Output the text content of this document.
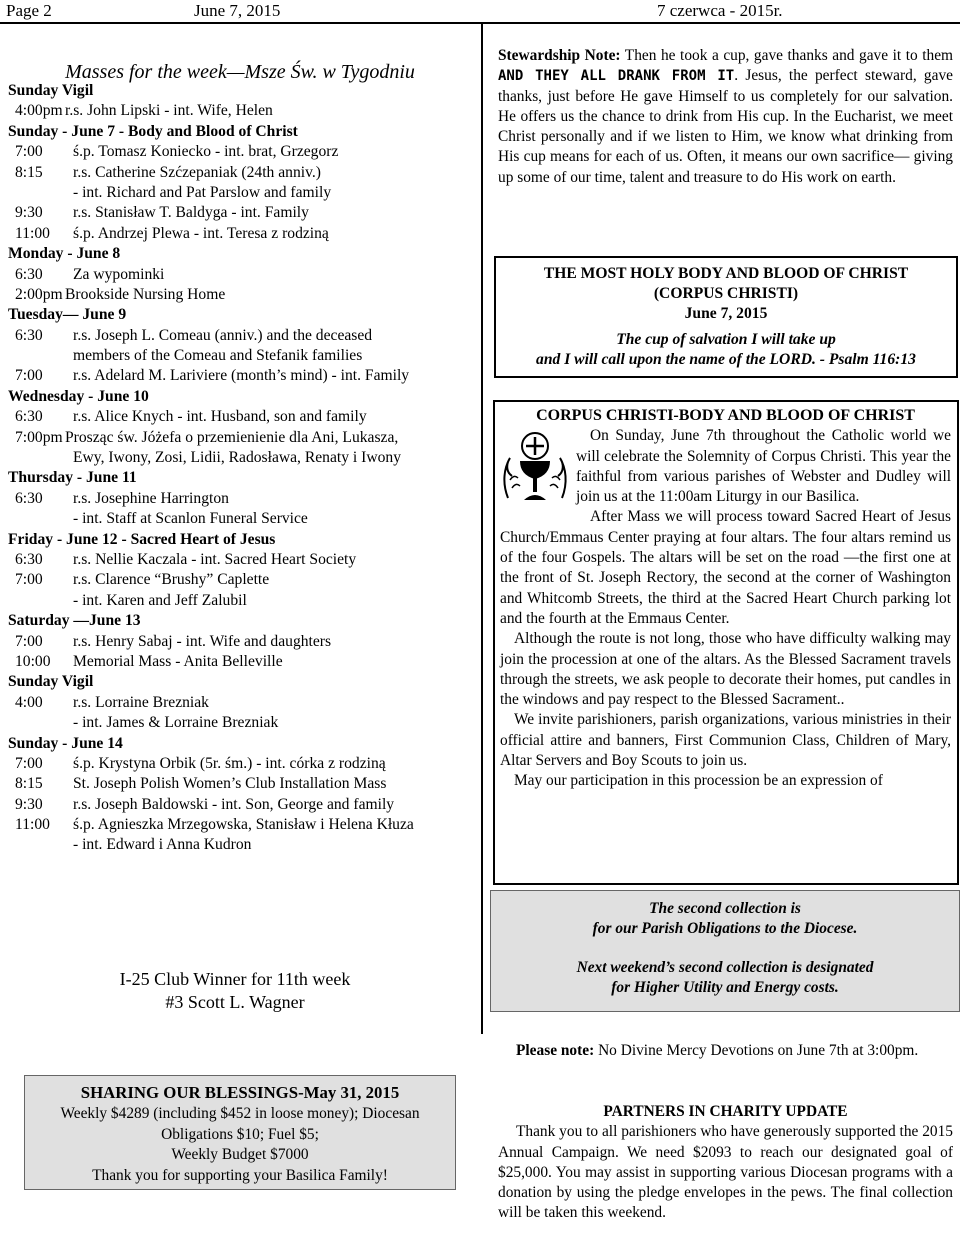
Page 2	June 7, 2015	7 czerwca - 2015r.
Masses for the week—Msze Św. w Tygodniu
Sunday Vigil
4:00pm r.s. John Lipski - int. Wife, Helen
Sunday - June 7 - Body and Blood of Christ
7:00 ś.p. Tomasz Koniecko - int. brat, Grzegorz
8:15 r.s. Catherine Szćzepaniak (24th anniv.)
- int. Richard and Pat Parslow and family
9:30 r.s. Stanisław T. Baldyga - int. Family
11:00 ś.p. Andrzej Plewa - int. Teresa z rodziną
Monday - June 8
6:30 Za wypominki
2:00pm Brookside Nursing Home
Tuesday— June 9
6:30 r.s. Joseph L. Comeau (anniv.) and the deceased
members of the Comeau and Stefanik families
7:00 r.s. Adelard M. Lariviere (month’s mind) - int. Family
Wednesday - June 10
6:30 r.s. Alice Knych - int. Husband, son and family
7:00pm Prosząc św. Jóżefa o przemienienie dla Ani, Lukasza,
Ewy, Iwony, Zosi, Lidii, Radosława, Renaty i Iwony
Thursday - June 11
6:30 r.s. Josephine Harrington
- int. Staff at Scanlon Funeral Service
Friday - June 12 - Sacred Heart of Jesus
6:30 r.s. Nellie Kaczala - int. Sacred Heart Society
7:00 r.s. Clarence “Brushy” Caplette
- int. Karen and Jeff Zalubil
Saturday —June 13
7:00 r.s. Henry Sabaj - int. Wife and daughters
10:00 Memorial Mass - Anita Belleville
Sunday Vigil
4:00 r.s. Lorraine Brezniak
- int. James & Lorraine Brezniak
Sunday - June 14
7:00 ś.p. Krystyna Orbik (5r. śm.) - int. córka z rodziną
8:15 St. Joseph Polish Women’s Club Installation Mass
9:30 r.s. Joseph Baldowski - int. Son, George and family
11:00 ś.p. Agnieszka Mrzegowska, Stanisław i Helena Kłuza
- int. Edward i Anna Kudron
I-25 Club Winner for 11th week
#3 Scott L. Wagner
SHARING OUR BLESSINGS-May 31, 2015
Weekly $4289 (including $452 in loose money); Diocesan
Obligations $10; Fuel $5;
Weekly Budget $7000
Thank you for supporting your Basilica Family!
Stewardship Note: Then he took a cup, gave thanks and gave it to them AND THEY ALL DRANK FROM IT. Jesus, the perfect steward, gave thanks, just before He gave Himself to us completely for our salvation. He offers us the chance to drink from His cup. In the Eucharist, we meet Christ personally and if we listen to Him, we know what drinking from His cup means for each of us. Often, it means our own sacrifice— giving up some of our time, talent and treasure to do His work on earth.
THE MOST HOLY BODY AND BLOOD OF CHRIST
(CORPUS CHRISTI)
June 7, 2015
The cup of salvation I will take up
and I will call upon the name of the LORD. - Psalm 116:13
CORPUS CHRISTI-BODY AND BLOOD OF CHRIST

On Sunday, June 7th throughout the Catholic world we will celebrate the Solemnity of Corpus Christi. This year the faithful from various parishes of Webster and Dudley will join us at the 11:00am Liturgy in our Basilica.

After Mass we will process toward Sacred Heart of Jesus Church/Emmaus Center praying at four altars. The four altars remind us of the four Gospels. The altars will be set on the road —the first one at the front of St. Joseph Rectory, the second at the corner of Washington and Whitcomb Streets, the third at the Sacred Heart Church parking lot and the fourth at the Emmaus Center.

Although the route is not long, those who have difficulty walking may join the procession at one of the altars. As the Blessed Sacrament travels through the streets, we ask people to decorate their homes, put candles in the windows and pay respect to the Blessed Sacrament..

We invite parishioners, parish organizations, various ministries in their official attire and banners, First Communion Class, Children of Mary, Altar Servers and Boy Scouts to join us.

May our participation in this procession be an expression of

The second collection is
for our Parish Obligations to the Diocese.
Next weekend’s second collection is designated
for Higher Utility and Energy costs.
Please note: No Divine Mercy Devotions on June 7th at 3:00pm.
PARTNERS IN CHARITY UPDATE

Thank you to all parishioners who have generously supported the 2015 Annual Campaign. We need $2093 to reach our designated goal of $25,000. You may assist in supporting various Diocesan programs with a donation by using the pledge envelopes in the pews. The final collection will be taken this weekend.
